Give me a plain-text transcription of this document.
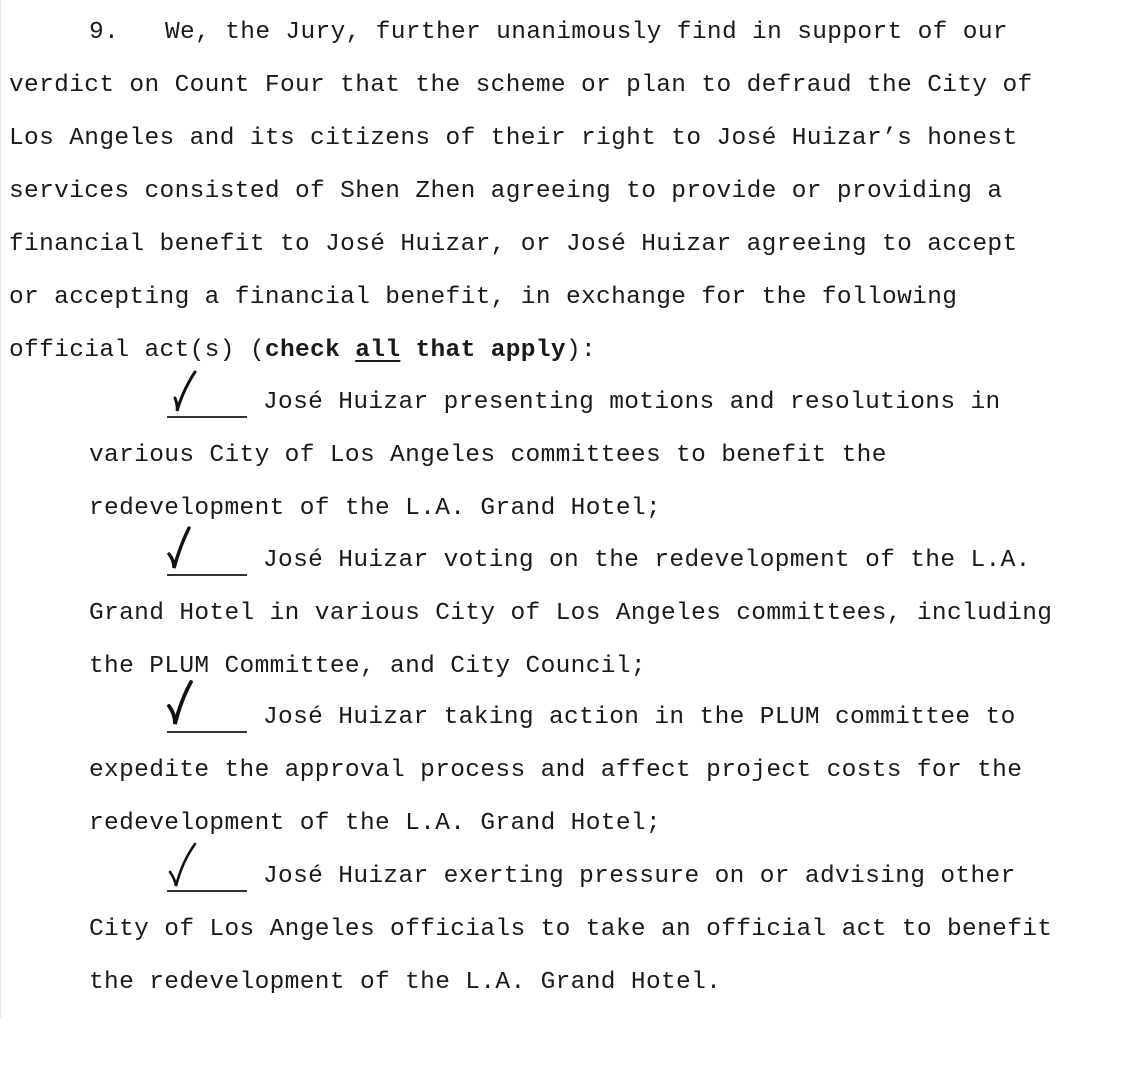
9. We, the Jury, further unanimously find in support of our
verdict on Count Four that the scheme or plan to defraud the City of
Los Angeles and its citizens of their right to José Huizar’s honest
services consisted of Shen Zhen agreeing to provide or providing a
financial benefit to José Huizar, or José Huizar agreeing to accept
or accepting a financial benefit, in exchange for the following
official act(s) (check all that apply):
José Huizar presenting motions and resolutions in
various City of Los Angeles committees to benefit the
redevelopment of the L.A. Grand Hotel;
José Huizar voting on the redevelopment of the L.A.
Grand Hotel in various City of Los Angeles committees, including
the PLUM Committee, and City Council;
José Huizar taking action in the PLUM committee to
expedite the approval process and affect project costs for the
redevelopment of the L.A. Grand Hotel;
José Huizar exerting pressure on or advising other
City of Los Angeles officials to take an official act to benefit
the redevelopment of the L.A. Grand Hotel.
